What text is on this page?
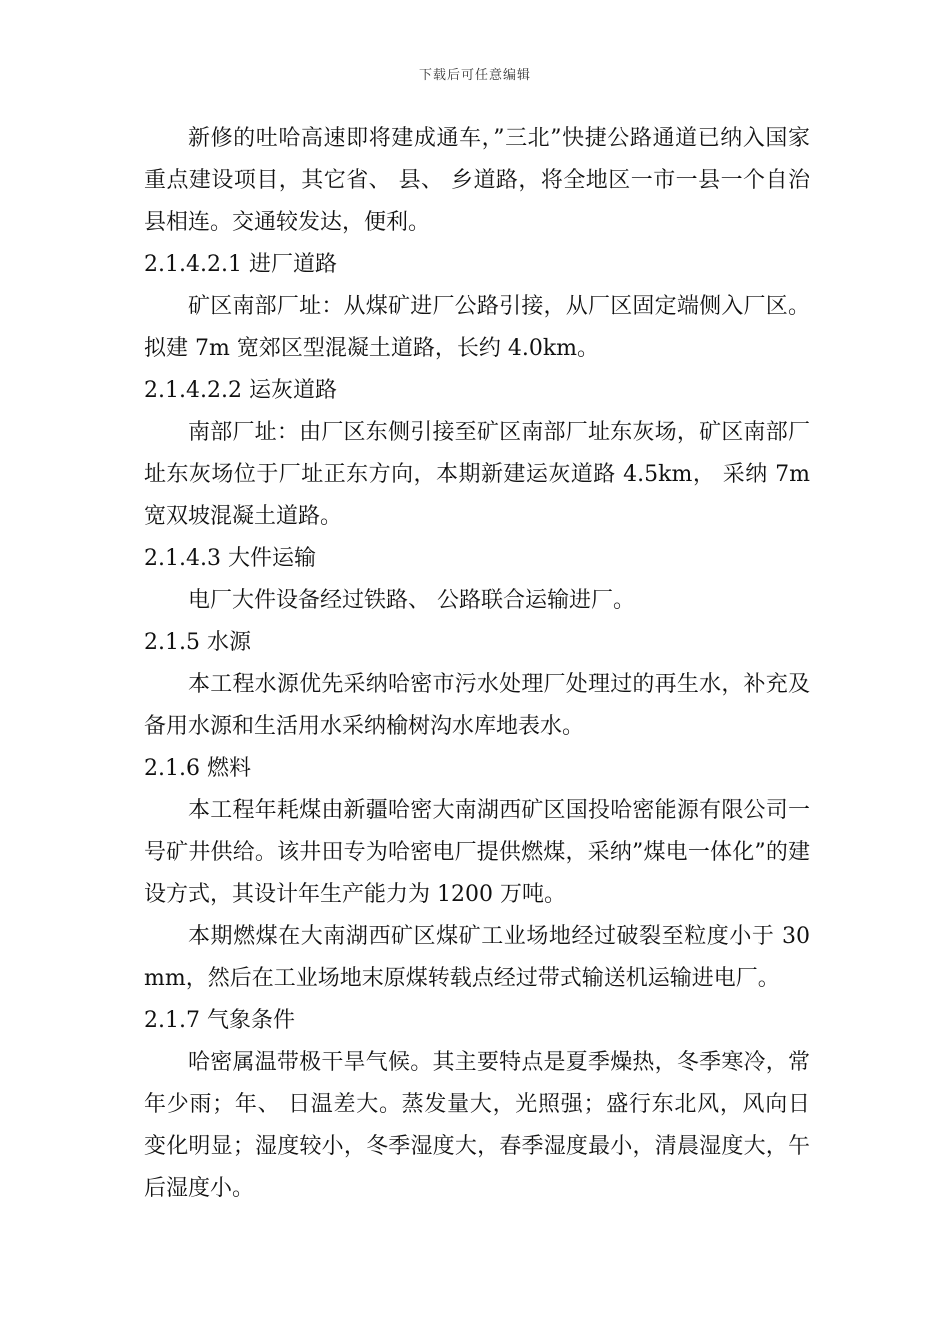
下载后可任意编辑

新修的吐哈高速即将建成通车，”三北”快捷公路通道已纳入国家重点建设项目，其它省、 县、 乡道路，将全地区一市一县一个自治县相连。交通较发达，便利。

2.1.4.2.1 进厂道路

矿区南部厂址：从煤矿进厂公路引接，从厂区固定端侧入厂区。拟建 7m 宽郊区型混凝土道路，长约 4.0km。

2.1.4.2.2 运灰道路

南部厂址：由厂区东侧引接至矿区南部厂址东灰场，矿区南部厂址东灰场位于厂址正东方向，本期新建运灰道路 4.5km， 采纳 7m 宽双坡混凝土道路。

2.1.4.3 大件运输

电厂大件设备经过铁路、 公路联合运输进厂。

2.1.5 水源

本工程水源优先采纳哈密市污水处理厂处理过的再生水，补充及备用水源和生活用水采纳榆树沟水库地表水。

2.1.6 燃料

本工程年耗煤由新疆哈密大南湖西矿区国投哈密能源有限公司一号矿井供给。该井田专为哈密电厂提供燃煤，采纳”煤电一体化”的建设方式，其设计年生产能力为 1200 万吨。

本期燃煤在大南湖西矿区煤矿工业场地经过破裂至粒度小于 30mm，然后在工业场地末原煤转载点经过带式输送机运输进电厂。

2.1.7 气象条件

哈密属温带极干旱气候。其主要特点是夏季燥热，冬季寒冷，常年少雨；年、 日温差大。蒸发量大，光照强；盛行东北风，风向日变化明显；湿度较小，冬季湿度大，春季湿度最小，清晨湿度大，午后湿度小。
